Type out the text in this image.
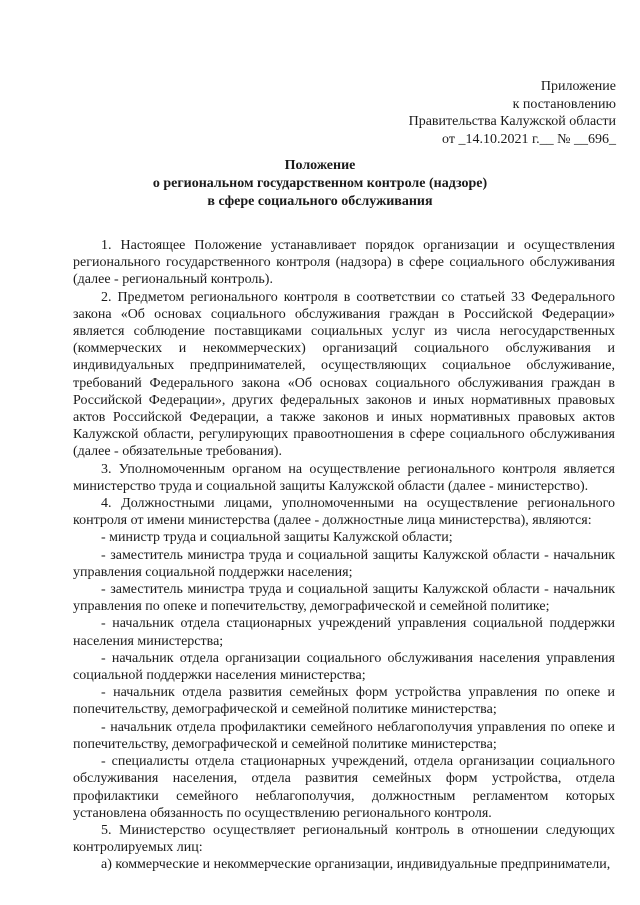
Приложение
к постановлению
Правительства Калужской области
от _14.10.2021 г.__ № __696_
Положение
о региональном государственном контроле (надзоре)
в сфере социального обслуживания

1. Настоящее Положение устанавливает порядок организации и осуществления регионального государственного контроля (надзора) в сфере социального обслуживания (далее - региональный контроль).

2. Предметом регионального контроля в соответствии со статьей 33 Федерального закона «Об основах социального обслуживания граждан в Российской Федерации» является соблюдение поставщиками социальных услуг из числа негосударственных (коммерческих и некоммерческих) организаций социального обслуживания и индивидуальных предпринимателей, осуществляющих социальное обслуживание, требований Федерального закона «Об основах социального обслуживания граждан в Российской Федерации», других федеральных законов и иных нормативных правовых актов Российской Федерации, а также законов и иных нормативных правовых актов Калужской области, регулирующих правоотношения в сфере социального обслуживания (далее - обязательные требования).

3. Уполномоченным органом на осуществление регионального контроля является министерство труда и социальной защиты Калужской области (далее - министерство).

4. Должностными лицами, уполномоченными на осуществление регионального контроля от имени министерства (далее - должностные лица министерства), являются:

- министр труда и социальной защиты Калужской области;

- заместитель министра труда и социальной защиты Калужской области - начальник управления социальной поддержки населения;

- заместитель министра труда и социальной защиты Калужской области - начальник управления по опеке и попечительству, демографической и семейной политике;

- начальник отдела стационарных учреждений управления социальной поддержки населения министерства;

- начальник отдела организации социального обслуживания населения управления социальной поддержки населения министерства;

- начальник отдела развития семейных форм устройства управления по опеке и попечительству, демографической и семейной политике министерства;

- начальник отдела профилактики семейного неблагополучия управления по опеке и попечительству, демографической и семейной политике министерства;

- специалисты отдела стационарных учреждений, отдела организации социального обслуживания населения, отдела развития семейных форм устройства, отдела профилактики семейного неблагополучия, должностным регламентом которых установлена обязанность по осуществлению регионального контроля.

5. Министерство осуществляет региональный контроль в отношении следующих контролируемых лиц:

а) коммерческие и некоммерческие организации, индивидуальные предприниматели,
